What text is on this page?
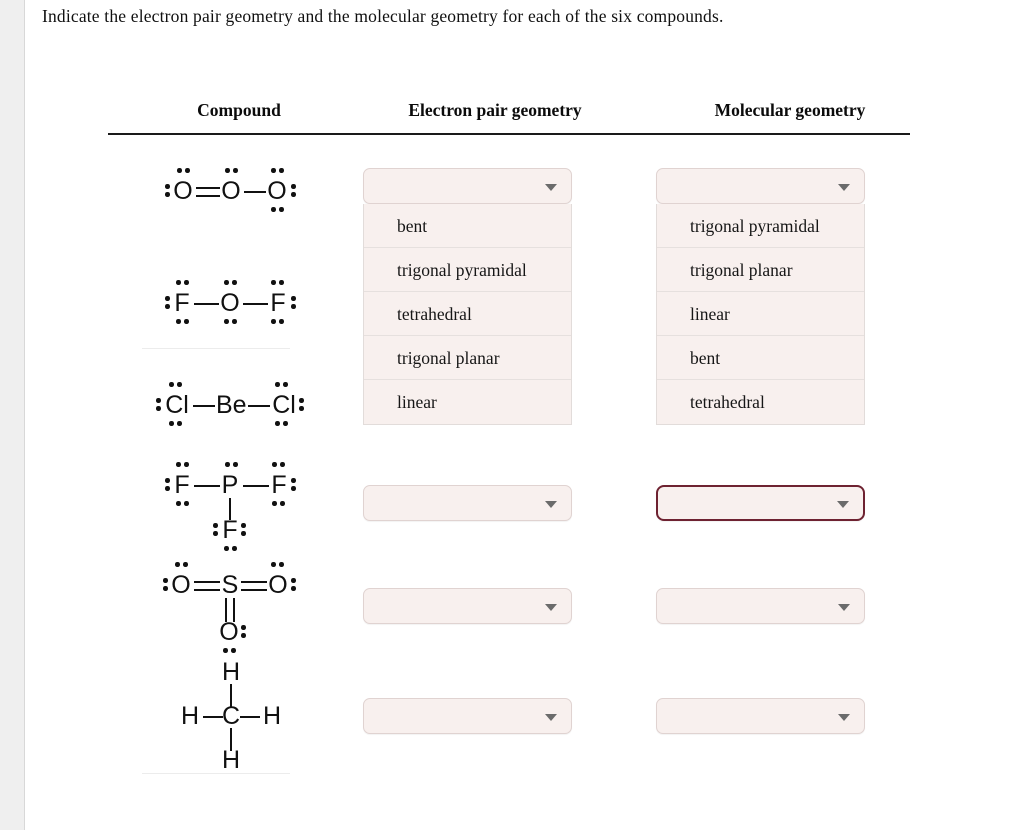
Indicate the electron pair geometry and the molecular geometry for each of the six compounds.
Compound	Electron pair geometry	Molecular geometry
O O O
F O F
Cl Be Cl
F P F
F
O S O
O
H
H C H
H
bent
trigonal pyramidal
tetrahedral
trigonal planar
linear
trigonal pyramidal
trigonal planar
linear
bent
tetrahedral
